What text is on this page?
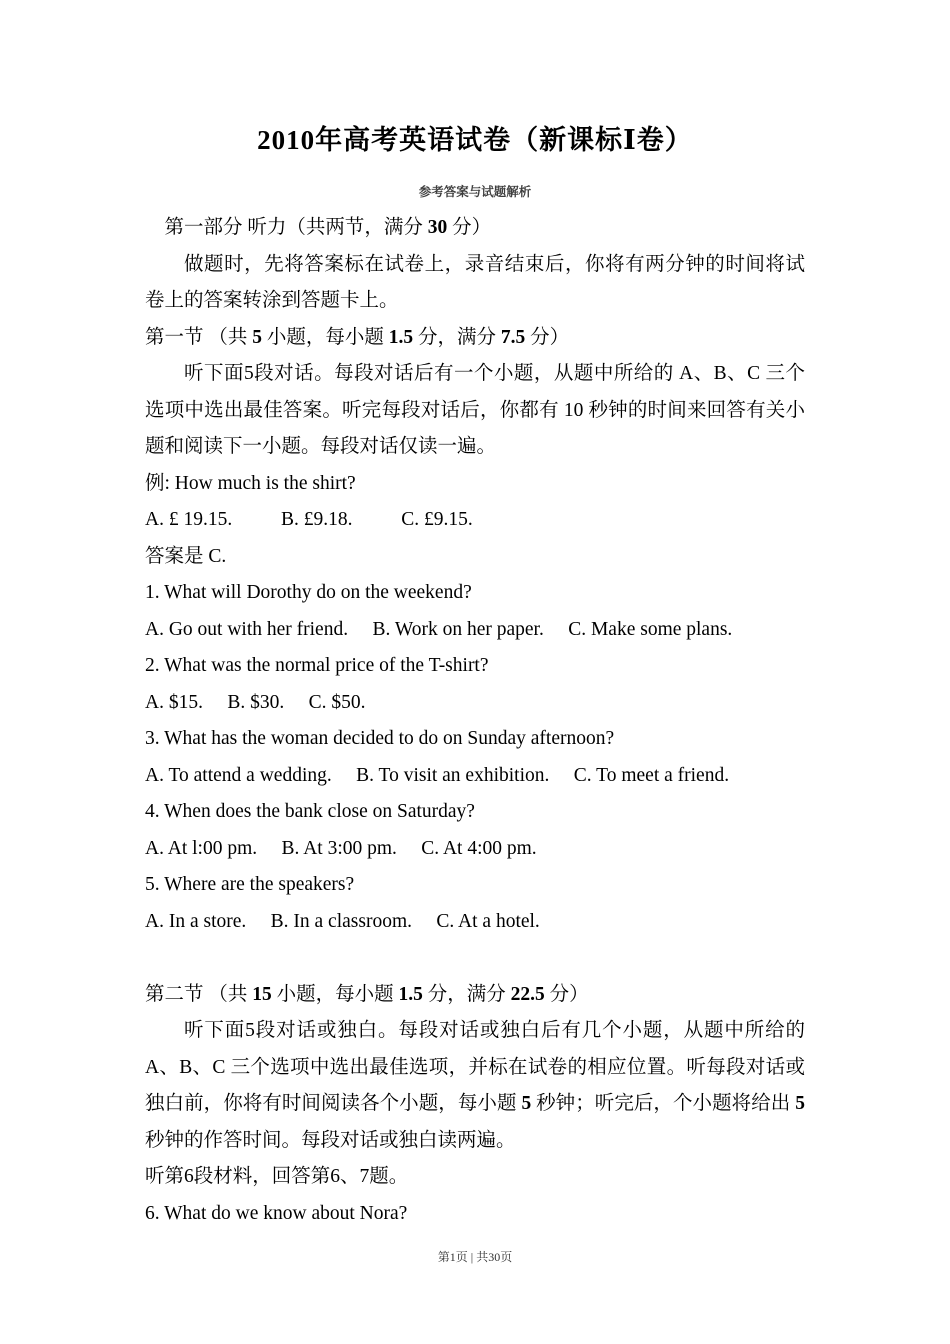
2010年高考英语试卷（新课标Ⅰ卷）
参考答案与试题解析

第一部分 听力（共两节，满分 30 分）

做题时，先将答案标在试卷上，录音结束后，你将有两分钟的时间将试卷上的答案转涂到答题卡上。

第一节 （共 5 小题，每小题 1.5 分，满分 7.5 分）

听下面5段对话。每段对话后有一个小题，从题中所给的 A、B、C 三个选项中选出最佳答案。听完每段对话后，你都有 10 秒钟的时间来回答有关小题和阅读下一小题。每段对话仅读一遍。

例: How much is the shirt?

A. £ 19.15.          B. £9.18.          C. £9.15.

答案是 C.

1. What will Dorothy do on the weekend?

A. Go out with her friend.     B. Work on her paper.     C. Make some plans.

2. What was the normal price of the T-shirt?

A. $15.     B. $30.     C. $50.

3. What has the woman decided to do on Sunday afternoon?

A. To attend a wedding.     B. To visit an exhibition.     C. To meet a friend.

4. When does the bank close on Saturday?

A. At l:00 pm.     B. At 3:00 pm.     C. At 4:00 pm.

5. Where are the speakers?

A. In a store.     B. In a classroom.     C. At a hotel.

第二节 （共 15 小题，每小题 1.5 分，满分 22.5 分）

听下面5段对话或独白。每段对话或独白后有几个小题，从题中所给的 A、B、C 三个选项中选出最佳选项，并标在试卷的相应位置。听每段对话或独白前，你将有时间阅读各个小题，每小题 5 秒钟；听完后，个小题将给出 5 秒钟的作答时间。每段对话或独白读两遍。

听第6段材料，回答第6、7题。

6. What do we know about Nora?

第1页 | 共30页
